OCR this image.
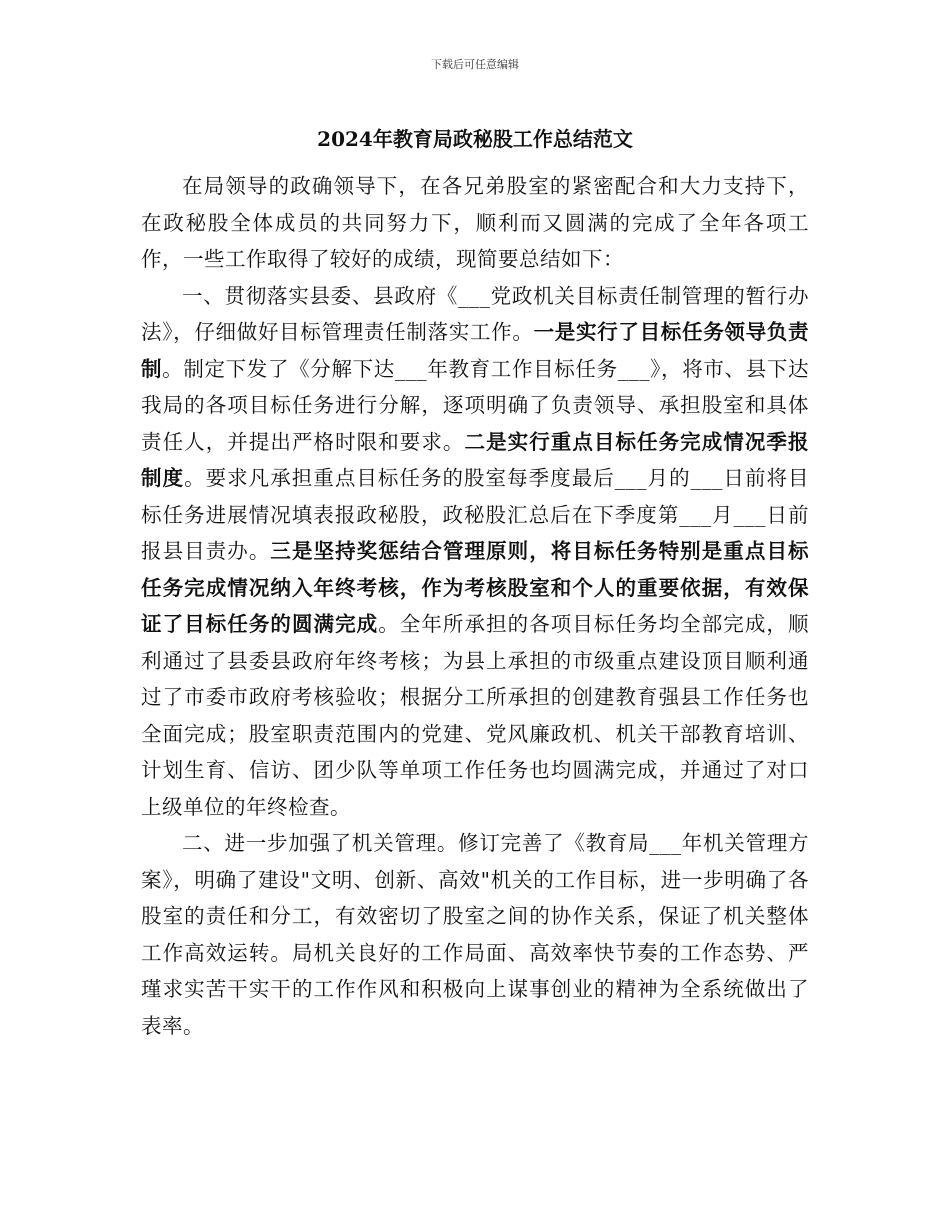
下载后可任意编辑
2024年教育局政秘股工作总结范文

在局领导的政确领导下，在各兄弟股室的紧密配合和大力支持下，在政秘股全体成员的共同努力下，顺利而又圆满的完成了全年各项工作，一些工作取得了较好的成绩，现简要总结如下：

一、贯彻落实县委、县政府《___党政机关目标责任制管理的暂行办法》，仔细做好目标管理责任制落实工作。一是实行了目标任务领导负责制。制定下发了《分解下达___年教育工作目标任务___》，将市、县下达我局的各项目标任务进行分解，逐项明确了负责领导、承担股室和具体责任人，并提出严格时限和要求。二是实行重点目标任务完成情况季报制度。要求凡承担重点目标任务的股室每季度最后___月的___日前将目标任务进展情况填表报政秘股，政秘股汇总后在下季度第___月___日前报县目责办。三是坚持奖惩结合管理原则，将目标任务特别是重点目标任务完成情况纳入年终考核，作为考核股室和个人的重要依据，有效保证了目标任务的圆满完成。全年所承担的各项目标任务均全部完成，顺利通过了县委县政府年终考核；为县上承担的市级重点建设顶目顺利通过了市委市政府考核验收；根据分工所承担的创建教育强县工作任务也全面完成；股室职责范围内的党建、党风廉政机、机关干部教育培训、计划生育、信访、团少队等单项工作任务也均圆满完成，并通过了对口上级单位的年终检查。

二、进一步加强了机关管理。修订完善了《教育局___年机关管理方案》，明确了建设"文明、创新、高效"机关的工作目标，进一步明确了各股室的责任和分工，有效密切了股室之间的协作关系，保证了机关整体工作高效运转。局机关良好的工作局面、高效率快节奏的工作态势、严瑾求实苦干实干的工作作风和积极向上谋事创业的精神为全系统做出了表率。
